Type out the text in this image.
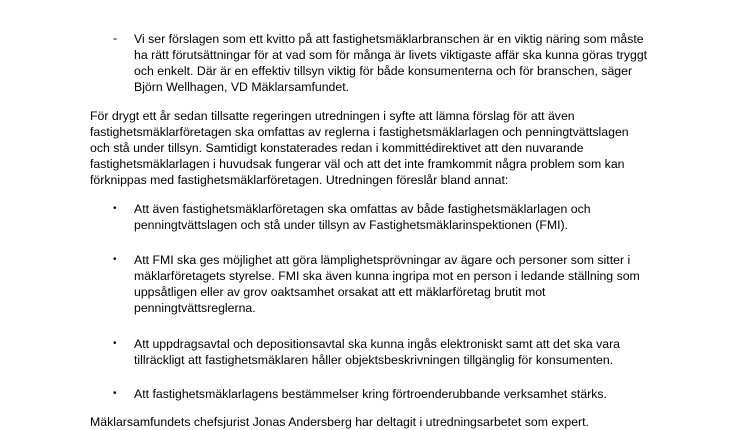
- Vi ser förslagen som ett kvitto på att fastighetsmäklarbranschen är en viktig näring som måste
ha rätt förutsättningar för at vad som för många är livets viktigaste affär ska kunna göras tryggt
och enkelt. Där är en effektiv tillsyn viktig för både konsumenterna och för branschen, säger
Björn Wellhagen, VD Mäklarsamfundet.
För drygt ett år sedan tillsatte regeringen utredningen i syfte att lämna förslag för att även
fastighetsmäklarföretagen ska omfattas av reglerna i fastighetsmäklarlagen och penningtvättslagen
och stå under tillsyn. Samtidigt konstaterades redan i kommittédirektivet att den nuvarande
fastighetsmäklarlagen i huvudsak fungerar väl och att det inte framkommit några problem som kan
förknippas med fastighetsmäklarföretagen. Utredningen föreslår bland annat:
• Att även fastighetsmäklarföretagen ska omfattas av både fastighetsmäklarlagen och
penningtvättslagen och stå under tillsyn av Fastighetsmäklarinspektionen (FMI).
• Att FMI ska ges möjlighet att göra lämplighetsprövningar av ägare och personer som sitter i
mäklarföretagets styrelse. FMI ska även kunna ingripa mot en person i ledande ställning som
uppsåtligen eller av grov oaktsamhet orsakat att ett mäklarföretag brutit mot
penningtvättsreglerna.
• Att uppdragsavtal och depositionsavtal ska kunna ingås elektroniskt samt att det ska vara
tillräckligt att fastighetsmäklaren håller objektsbeskrivningen tillgänglig för konsumenten.
• Att fastighetsmäklarlagens bestämmelser kring förtroenderubbande verksamhet stärks.
Mäklarsamfundets chefsjurist Jonas Andersberg har deltagit i utredningsarbetet som expert.
